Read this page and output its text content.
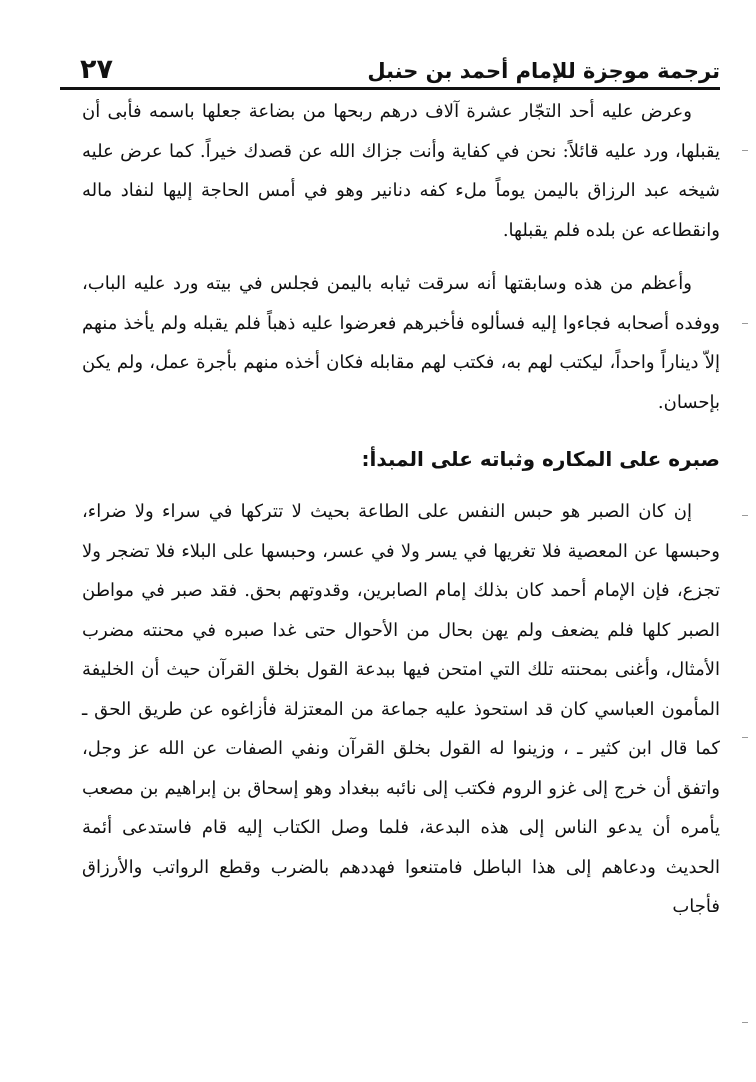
٢٧	ترجمة موجزة للإمام أحمد بن حنبل

وعرض عليه أحد التجّار عشرة آلاف درهم ربحها من بضاعة جعلها باسمه فأبى أن يقبلها، ورد عليه قائلاً: نحن في كفاية وأنت جزاك الله عن قصدك خيراً. كما عرض عليه شيخه عبد الرزاق باليمن يوماً ملء كفه دنانير وهو في أمس الحاجة إليها لنفاد ماله وانقطاعه عن بلده فلم يقبلها.

وأعظم من هذه وسابقتها أنه سرقت ثيابه باليمن فجلس في بيته ورد عليه الباب، ووفده أصحابه فجاءوا إليه فسألوه فأخبرهم فعرضوا عليه ذهباً فلم يقبله ولم يأخذ منهم إلاّ ديناراً واحداً، ليكتب لهم به، فكتب لهم مقابله فكان أخذه منهم بأجرة عمل، ولم يكن بإحسان.

صبره على المكاره وثباته على المبدأ:

إن كان الصبر هو حبس النفس على الطاعة بحيث لا تتركها في سراء ولا ضراء، وحبسها عن المعصية فلا تغريها في يسر ولا في عسر، وحبسها على البلاء فلا تضجر ولا تجزع، فإن الإمام أحمد كان بذلك إمام الصابرين، وقدوتهم بحق. فقد صبر في مواطن الصبر كلها فلم يضعف ولم يهن بحال من الأحوال حتى غدا صبره في محنته مضرب الأمثال، وأغنى بمحنته تلك التي امتحن فيها ببدعة القول بخلق القرآن حيث أن الخليفة المأمون العباسي كان قد استحوذ عليه جماعة من المعتزلة فأزاغوه عن طريق الحق ـ كما قال ابن كثير ـ ، وزينوا له القول بخلق القرآن ونفي الصفات عن الله عز وجل، واتفق أن خرج إلى غزو الروم فكتب إلى نائبه ببغداد وهو إسحاق بن إبراهيم بن مصعب يأمره أن يدعو الناس إلى هذه البدعة، فلما وصل الكتاب إليه قام فاستدعى أئمة الحديث ودعاهم إلى هذا الباطل فامتنعوا فهددهم بالضرب وقطع الرواتب والأرزاق فأجاب
